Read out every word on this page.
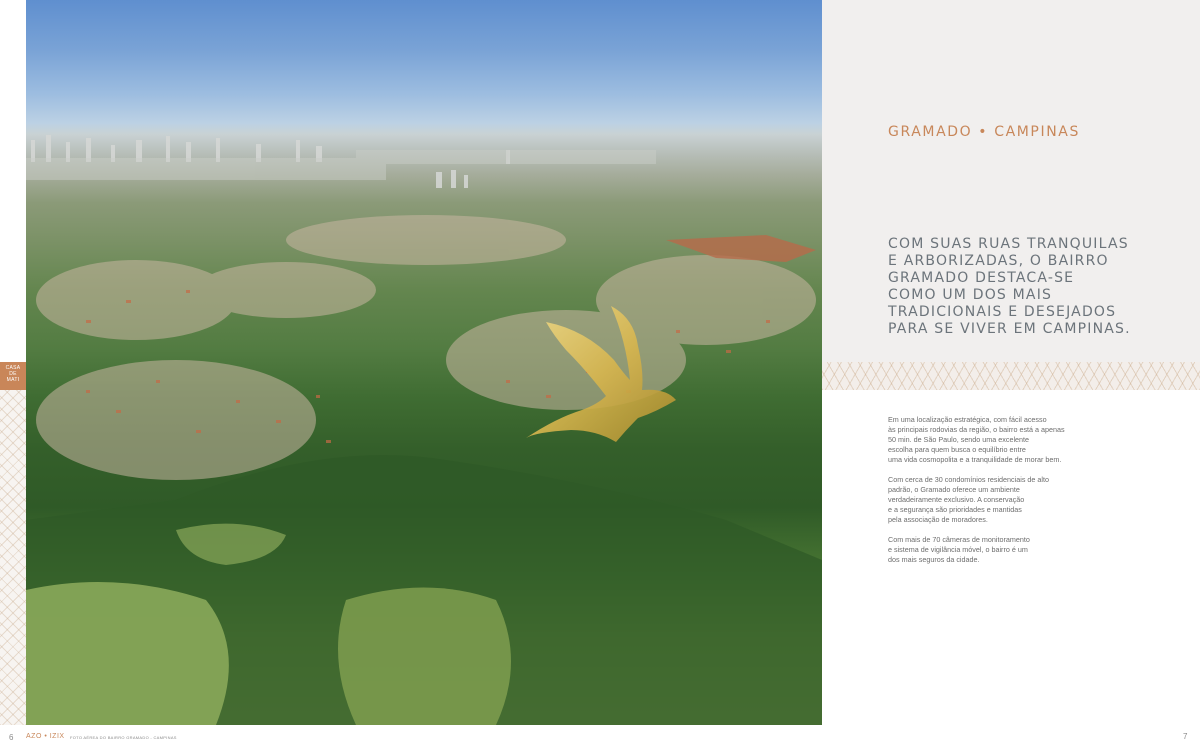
CASA
DE
MATI
GRAMADO • CAMPINAS
COM SUAS RUAS TRANQUILAS
E ARBORIZADAS, O BAIRRO
GRAMADO DESTACA-SE
COMO UM DOS MAIS
TRADICIONAIS E DESEJADOS
PARA SE VIVER EM CAMPINAS.

Em uma localização estratégica, com fácil acesso
às principais rodovias da região, o bairro está a apenas
50 min. de São Paulo, sendo uma excelente
escolha para quem busca o equilíbrio entre
uma vida cosmopolita e a tranquilidade de morar bem.

Com cerca de 30 condomínios residenciais de alto
padrão, o Gramado oferece um ambiente
verdadeiramente exclusivo. A conservação
e a segurança são prioridades e mantidas
pela associação de moradores.

Com mais de 70 câmeras de monitoramento
e sistema de vigilância móvel, o bairro é um
dos mais seguros da cidade.

6 AZO • IZIX FOTO AÉREA DO BAIRRO GRAMADO - CAMPINAS	7
